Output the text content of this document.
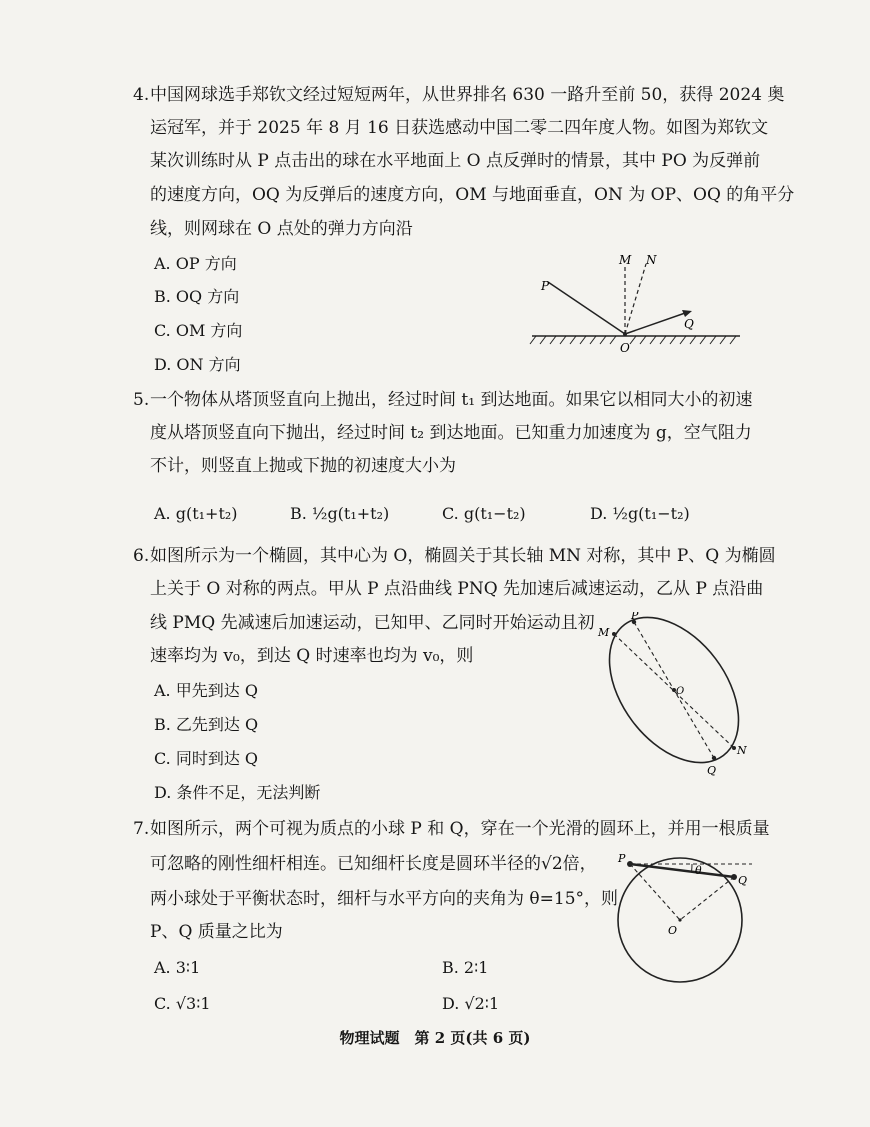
4. 中国网球选手郑钦文经过短短两年，从世界排名 630 一路升至前 50，获得 2024 奥
运冠军，并于 2025 年 8 月 16 日获选感动中国二零二四年度人物。如图为郑钦文
某次训练时从 P 点击出的球在水平地面上 O 点反弹时的情景，其中 PO 为反弹前
的速度方向，OQ 为反弹后的速度方向，OM 与地面垂直，ON 为 OP、OQ 的角平分
线，则网球在 O 点处的弹力方向沿
A. OP 方向
B. OQ 方向
C. OM 方向
D. ON 方向
P
M N
Q
O
5. 一个物体从塔顶竖直向上抛出，经过时间 t₁ 到达地面。如果它以相同大小的初速
度从塔顶竖直向下抛出，经过时间 t₂ 到达地面。已知重力加速度为 g，空气阻力
不计，则竖直上抛或下抛的初速度大小为
A. g(t₁+t₂)	B. ½g(t₁+t₂)	C. g(t₁−t₂)	D. ½g(t₁−t₂)
6. 如图所示为一个椭圆，其中心为 O，椭圆关于其长轴 MN 对称，其中 P、Q 为椭圆
上关于 O 对称的两点。甲从 P 点沿曲线 PNQ 先加速后减速运动，乙从 P 点沿曲
线 PMQ 先减速后加速运动，已知甲、乙同时开始运动且初
速率均为 v₀，到达 Q 时速率也均为 v₀，则
A. 甲先到达 Q
B. 乙先到达 Q
C. 同时到达 Q
D. 条件不足，无法判断
P
M
O
N
Q
7. 如图所示，两个可视为质点的小球 P 和 Q，穿在一个光滑的圆环上，并用一根质量
可忽略的刚性细杆相连。已知细杆长度是圆环半径的√2倍，
两小球处于平衡状态时，细杆与水平方向的夹角为 θ=15°，则
P、Q 质量之比为
A. 3∶1	B. 2∶1
C. √3∶1	D. √2∶1
P
Q
O
θ
物理试题　第 2 页(共 6 页)
